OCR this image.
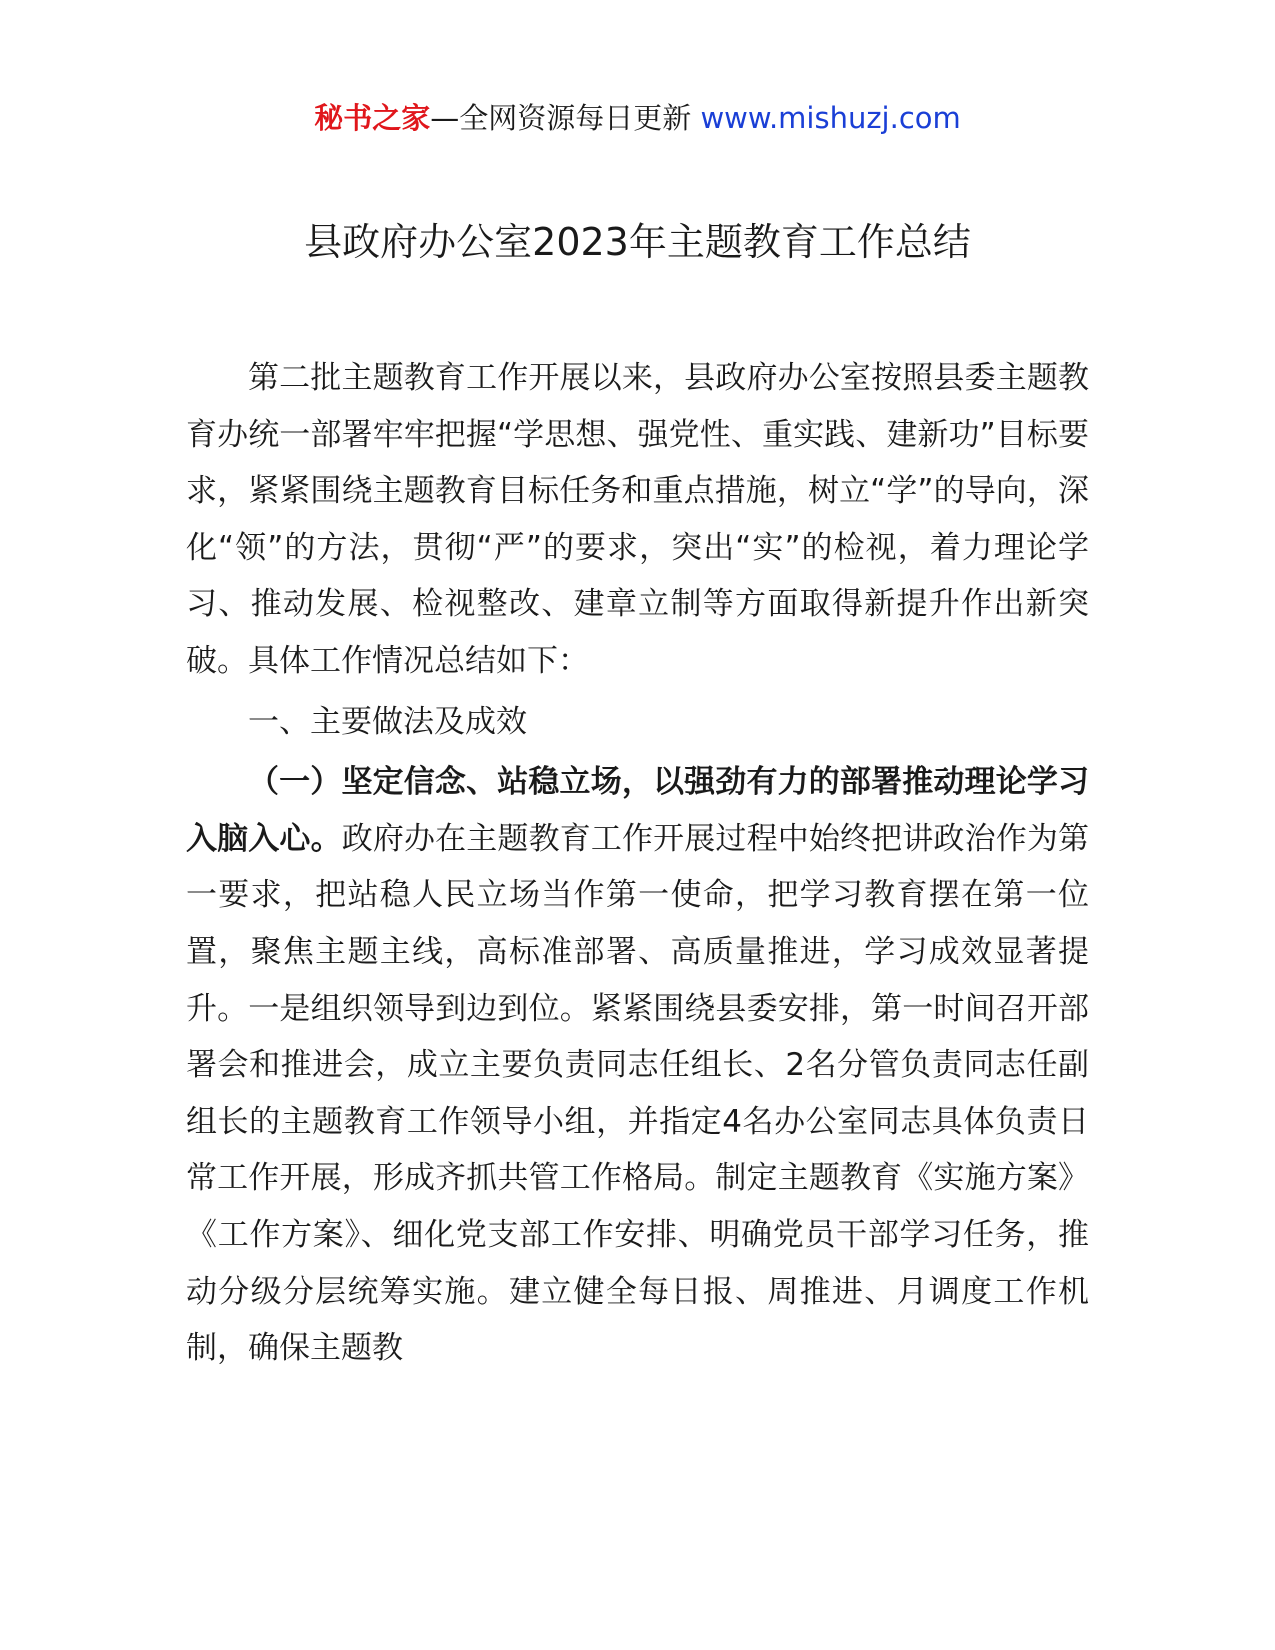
秘书之家—全网资源每日更新 www.mishuzj.com
县政府办公室2023年主题教育工作总结

第二批主题教育工作开展以来，县政府办公室按照县委主题教育办统一部署牢牢把握“学思想、强党性、重实践、建新功”目标要求，紧紧围绕主题教育目标任务和重点措施，树立“学”的导向，深化“领”的方法，贯彻“严”的要求，突出“实”的检视，着力理论学习、推动发展、检视整改、建章立制等方面取得新提升作出新突破。具体工作情况总结如下：

一、主要做法及成效

（一）坚定信念、站稳立场，以强劲有力的部署推动理论学习入脑入心。政府办在主题教育工作开展过程中始终把讲政治作为第一要求，把站稳人民立场当作第一使命，把学习教育摆在第一位置，聚焦主题主线，高标准部署、高质量推进，学习成效显著提升。一是组织领导到边到位。紧紧围绕县委安排，第一时间召开部署会和推进会，成立主要负责同志任组长、2名分管负责同志任副组长的主题教育工作领导小组，并指定4名办公室同志具体负责日常工作开展，形成齐抓共管工作格局。制定主题教育《实施方案》《工作方案》、细化党支部工作安排、明确党员干部学习任务，推动分级分层统筹实施。建立健全每日报、周推进、月调度工作机制，确保主题教
